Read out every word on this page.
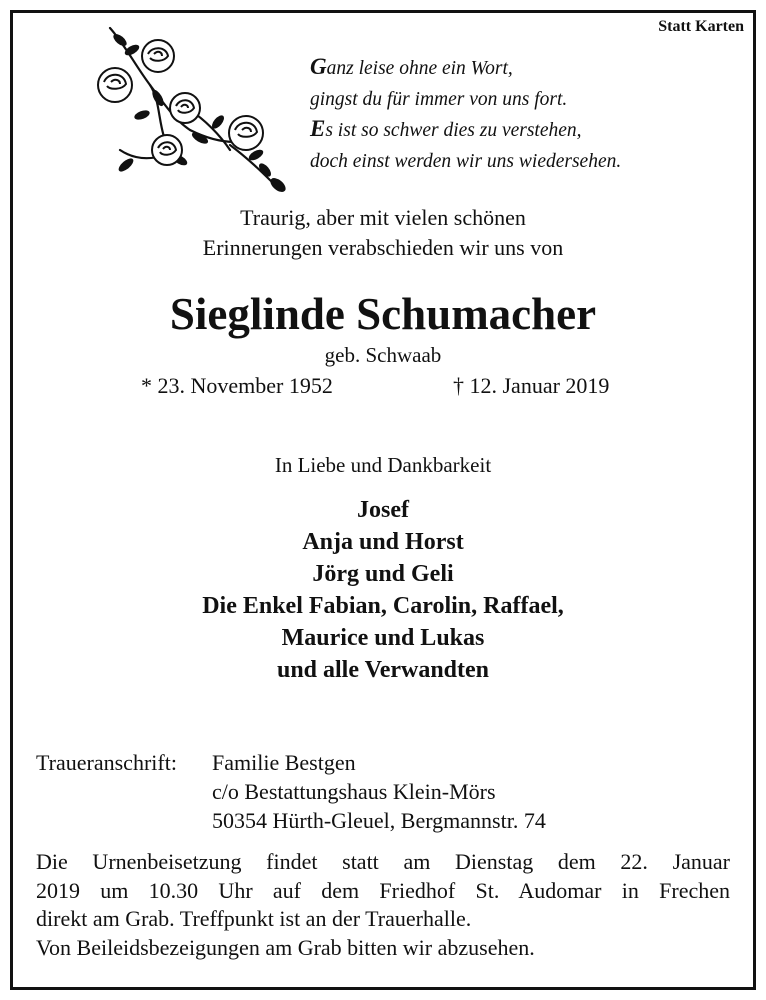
Statt Karten
Ganz leise ohne ein Wort,
gingst du für immer von uns fort.
Es ist so schwer dies zu verstehen,
doch einst werden wir uns wiedersehen.
Traurig, aber mit vielen schönen
Erinnerungen verabschieden wir uns von
Sieglinde Schumacher
geb. Schwaab
* 23. November 1952	† 12. Januar 2019
In Liebe und Dankbarkeit
Josef
Anja und Horst
Jörg und Geli
Die Enkel Fabian, Carolin, Raffael,
Maurice und Lukas
und alle Verwandten
Traueranschrift:	Familie Bestgen
c/o Bestattungshaus Klein-Mörs
50354 Hürth-Gleuel, Bergmannstr. 74
Die Urnenbeisetzung findet statt am Dienstag dem 22. Januar
2019 um 10.30 Uhr auf dem Friedhof St. Audomar in Frechen
direkt am Grab. Treffpunkt ist an der Trauerhalle.
Von Beileidsbezeigungen am Grab bitten wir abzusehen.
